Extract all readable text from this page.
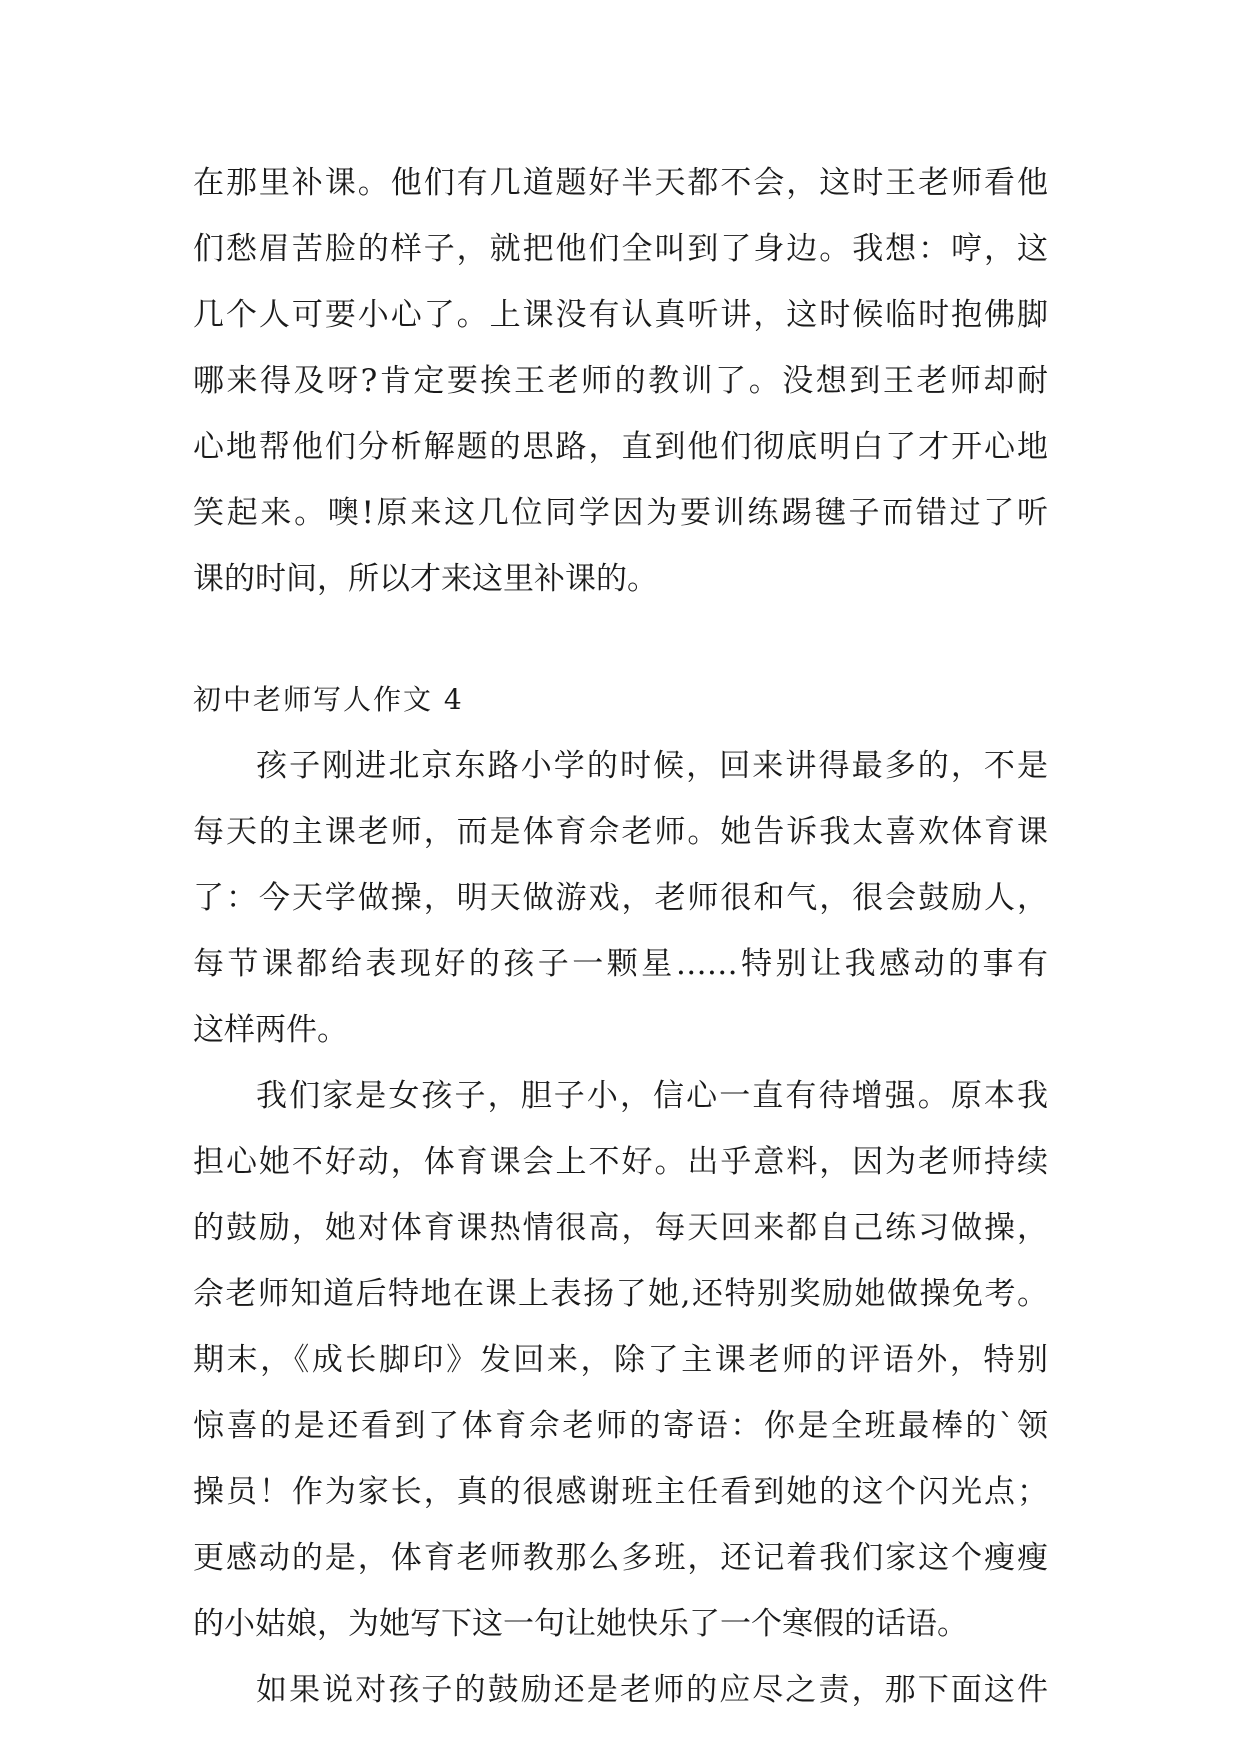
在那里补课。他们有几道题好半天都不会，这时王老师看他
们愁眉苦脸的样子，就把他们全叫到了身边。我想：哼，这
几个人可要小心了。上课没有认真听讲，这时候临时抱佛脚
哪来得及呀?肯定要挨王老师的教训了。没想到王老师却耐
心地帮他们分析解题的思路，直到他们彻底明白了才开心地
笑起来。噢!原来这几位同学因为要训练踢毽子而错过了听
课的时间，所以才来这里补课的。
初中老师写人作文 4
孩子刚进北京东路小学的时候，回来讲得最多的，不是
每天的主课老师，而是体育佘老师。她告诉我太喜欢体育课
了：今天学做操，明天做游戏，老师很和气，很会鼓励人，
每节课都给表现好的孩子一颗星……特别让我感动的事有
这样两件。
我们家是女孩子，胆子小，信心一直有待增强。原本我
担心她不好动，体育课会上不好。出乎意料，因为老师持续
的鼓励，她对体育课热情很高，每天回来都自己练习做操，
佘老师知道后特地在课上表扬了她,还特别奖励她做操免考。
期末，《成长脚印》发回来，除了主课老师的评语外，特别
惊喜的是还看到了体育佘老师的寄语：你是全班最棒的`领
操员！作为家长，真的很感谢班主任看到她的这个闪光点；
更感动的是，体育老师教那么多班，还记着我们家这个瘦瘦
的小姑娘，为她写下这一句让她快乐了一个寒假的话语。
如果说对孩子的鼓励还是老师的应尽之责，那下面这件
